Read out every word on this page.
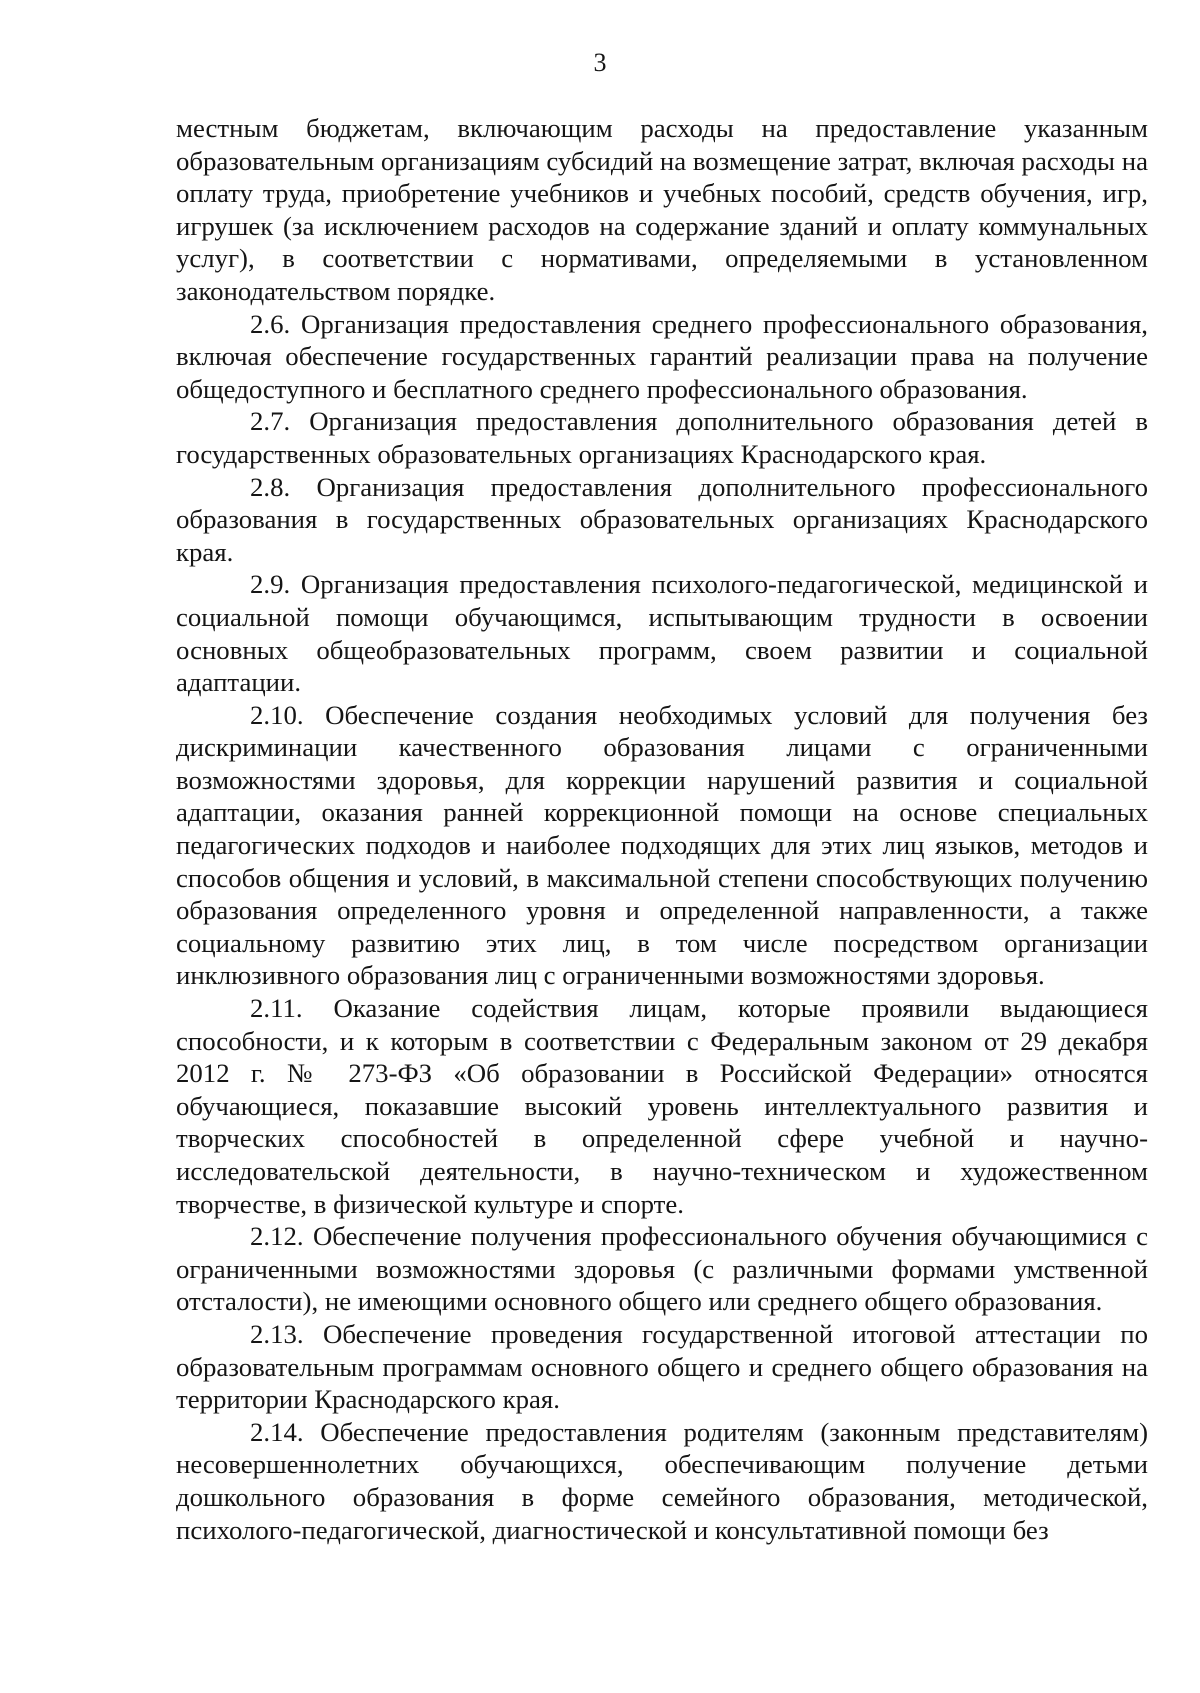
3

местным бюджетам, включающим расходы на предоставление указанным образовательным организациям субсидий на возмещение затрат, включая расходы на оплату труда, приобретение учебников и учебных пособий, средств обучения, игр, игрушек (за исключением расходов на содержание зданий и оплату коммунальных услуг), в соответствии с нормативами, определяемыми в установленном законодательством порядке.

2.6. Организация предоставления среднего профессионального образования, включая обеспечение государственных гарантий реализации права на получение общедоступного и бесплатного среднего профессионального образования.

2.7. Организация предоставления дополнительного образования детей в государственных образовательных организациях Краснодарского края.

2.8. Организация предоставления дополнительного профессионального образования в государственных образовательных организациях Краснодарского края.

2.9. Организация предоставления психолого-педагогической, медицинской и социальной помощи обучающимся, испытывающим трудности в освоении основных общеобразовательных программ, своем развитии и социальной адаптации.

2.10. Обеспечение создания необходимых условий для получения без дискриминации качественного образования лицами с ограниченными возможностями здоровья, для коррекции нарушений развития и социальной адаптации, оказания ранней коррекционной помощи на основе специальных педагогических подходов и наиболее подходящих для этих лиц языков, методов и способов общения и условий, в максимальной степени способствующих получению образования определенного уровня и определенной направленности, а также социальному развитию этих лиц, в том числе посредством организации инклюзивного образования лиц с ограниченными возможностями здоровья.

2.11. Оказание содействия лицам, которые проявили выдающиеся способности, и к которым в соответствии с Федеральным законом от 29 декабря 2012 г. № 273-ФЗ «Об образовании в Российской Федерации» относятся обучающиеся, показавшие высокий уровень интеллектуального развития и творческих способностей в определенной сфере учебной и научно-исследовательской деятельности, в научно-техническом и художественном творчестве, в физической культуре и спорте.

2.12. Обеспечение получения профессионального обучения обучающимися с ограниченными возможностями здоровья (с различными формами умственной отсталости), не имеющими основного общего или среднего общего образования.

2.13. Обеспечение проведения государственной итоговой аттестации по образовательным программам основного общего и среднего общего образования на территории Краснодарского края.

2.14. Обеспечение предоставления родителям (законным представителям) несовершеннолетних обучающихся, обеспечивающим получение детьми дошкольного образования в форме семейного образования, методической, психолого-педагогической, диагностической и консультативной помощи без
